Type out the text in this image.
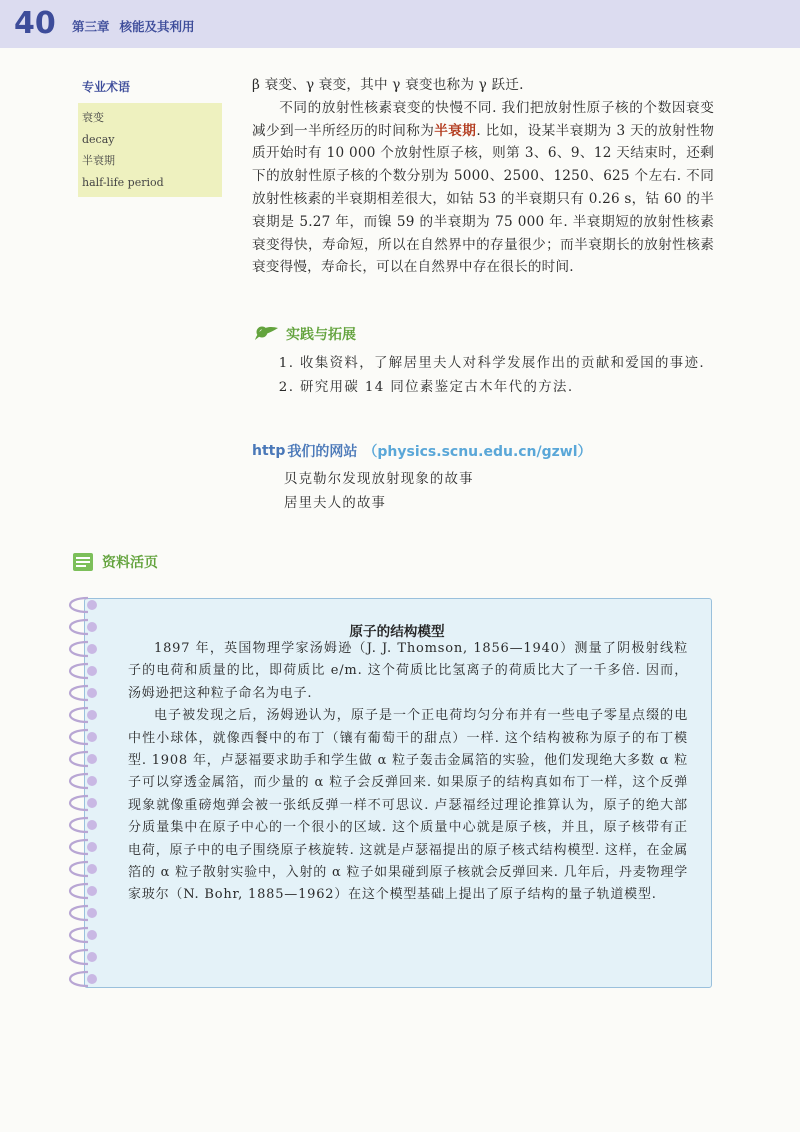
40 第三章 核能及其利用
专业术语
衰变
decay
半衰期
half-life period

β 衰变、γ 衰变，其中 γ 衰变也称为 γ 跃迁.

不同的放射性核素衰变的快慢不同. 我们把放射性原子核的个数因衰变减少到一半所经历的时间称为半衰期. 比如，设某半衰期为 3 天的放射性物质开始时有 10 000 个放射性原子核，则第 3、6、9、12 天结束时，还剩下的放射性原子核的个数分别为 5000、2500、1250、625 个左右. 不同放射性核素的半衰期相差很大，如钴 53 的半衰期只有 0.26 s，钴 60 的半衰期是 5.27 年，而镍 59 的半衰期为 75 000 年. 半衰期短的放射性核素衰变得快，寿命短，所以在自然界中的存量很少；而半衰期长的放射性核素衰变得慢，寿命长，可以在自然界中存在很长的时间.

实践与拓展

1. 收集资料，了解居里夫人对科学发展作出的贡献和爱国的事迹.

2. 研究用碳 14 同位素鉴定古木年代的方法.

http 我们的网站 （physics.scnu.edu.cn/gzwl）
贝克勒尔发现放射现象的故事
居里夫人的故事
资料活页
原子的结构模型

1897 年，英国物理学家汤姆逊（J. J. Thomson, 1856—1940）测量了阴极射线粒子的电荷和质量的比，即荷质比 e/m. 这个荷质比比氢离子的荷质比大了一千多倍. 因而，汤姆逊把这种粒子命名为电子.

电子被发现之后，汤姆逊认为，原子是一个正电荷均匀分布并有一些电子零星点缀的电中性小球体，就像西餐中的布丁（镶有葡萄干的甜点）一样. 这个结构被称为原子的布丁模型. 1908 年，卢瑟福要求助手和学生做 α 粒子轰击金属箔的实验，他们发现绝大多数 α 粒子可以穿透金属箔，而少量的 α 粒子会反弹回来. 如果原子的结构真如布丁一样，这个反弹现象就像重磅炮弹会被一张纸反弹一样不可思议. 卢瑟福经过理论推算认为，原子的绝大部分质量集中在原子中心的一个很小的区域. 这个质量中心就是原子核，并且，原子核带有正电荷，原子中的电子围绕原子核旋转. 这就是卢瑟福提出的原子核式结构模型. 这样，在金属箔的 α 粒子散射实验中，入射的 α 粒子如果碰到原子核就会反弹回来. 几年后，丹麦物理学家玻尔（N. Bohr, 1885—1962）在这个模型基础上提出了原子结构的量子轨道模型.
